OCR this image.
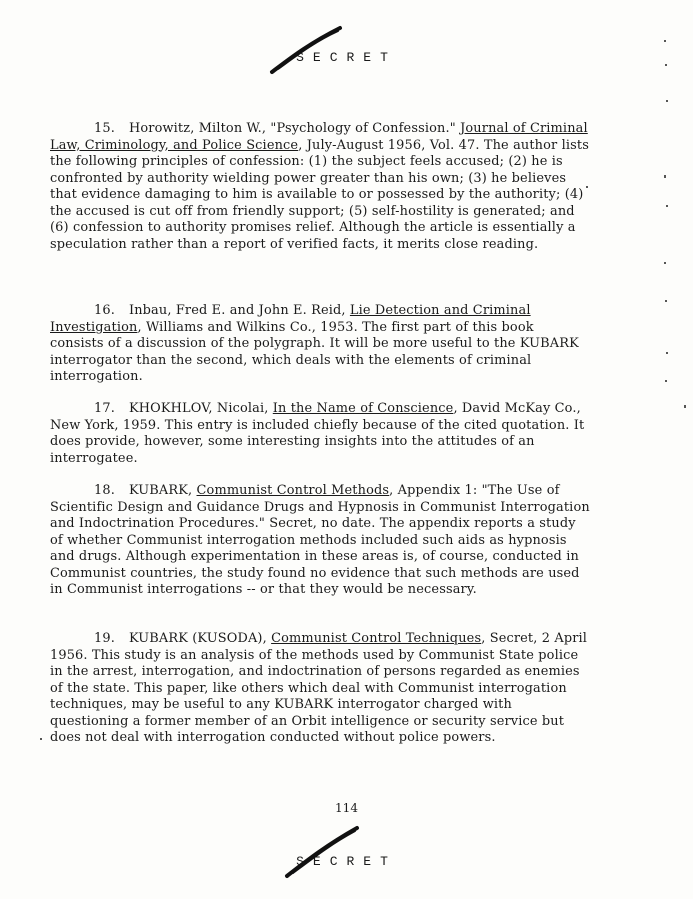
SECRET

15. Horowitz, Milton W., "Psychology of Confession." Journal of Criminal Law, Criminology, and Police Science, July-August 1956, Vol. 47. The author lists the following principles of confession: (1) the subject feels accused; (2) he is confronted by authority wielding power greater than his own; (3) he believes that evidence damaging to him is available to or possessed by the authority; (4) the accused is cut off from friendly support; (5) self-hostility is generated; and (6) confession to authority promises relief. Although the article is essentially a speculation rather than a report of verified facts, it merits close reading.

16. Inbau, Fred E. and John E. Reid, Lie Detection and Criminal Investigation, Williams and Wilkins Co., 1953. The first part of this book consists of a discussion of the polygraph. It will be more useful to the KUBARK interrogator than the second, which deals with the elements of criminal interrogation.

17. KHOKHLOV, Nicolai, In the Name of Conscience, David McKay Co., New York, 1959. This entry is included chiefly because of the cited quotation. It does provide, however, some interesting insights into the attitudes of an interrogatee.

18. KUBARK, Communist Control Methods, Appendix 1: "The Use of Scientific Design and Guidance Drugs and Hypnosis in Communist Interrogation and Indoctrination Procedures." Secret, no date. The appendix reports a study of whether Communist interrogation methods included such aids as hypnosis and drugs. Although experimentation in these areas is, of course, conducted in Communist countries, the study found no evidence that such methods are used in Communist interrogations -- or that they would be necessary.

19. KUBARK (KUSODA), Communist Control Techniques, Secret, 2 April 1956. This study is an analysis of the methods used by Communist State police in the arrest, interrogation, and indoctrination of persons regarded as enemies of the state. This paper, like others which deal with Communist interrogation techniques, may be useful to any KUBARK interrogator charged with questioning a former member of an Orbit intelligence or security service but does not deal with interrogation conducted without police powers.

114
SECRET
